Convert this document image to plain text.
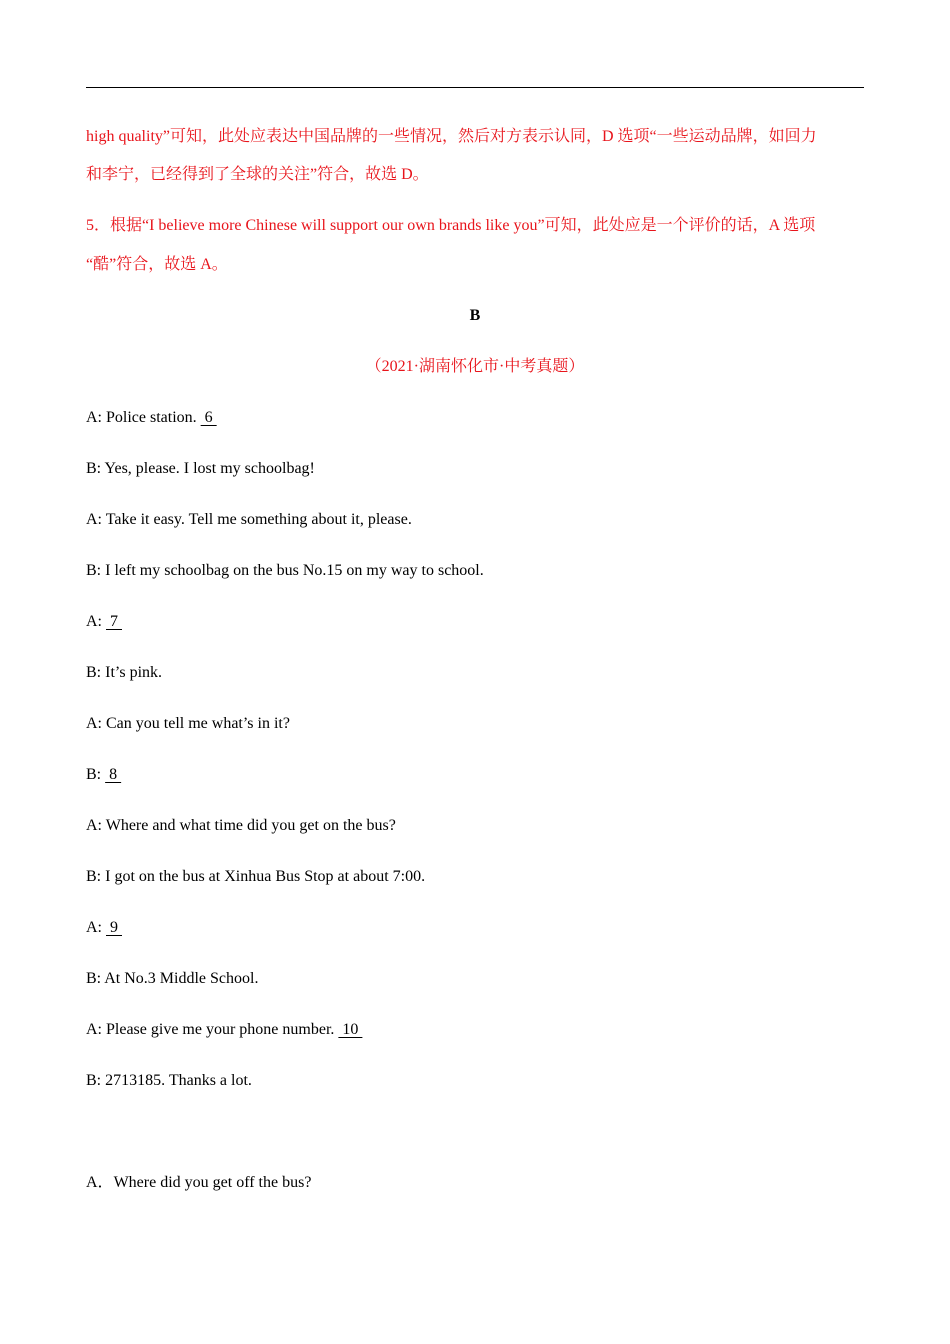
high quality”可知，此处应表达中国品牌的一些情况，然后对方表示认同，D 选项“一些运动品牌，如回力
和李宁，已经得到了全球的关注”符合，故选 D。
5．根据“I believe more Chinese will support our own brands like you”可知，此处应是一个评价的话，A 选项
“酷”符合，故选 A。
B
（2021·湖南怀化市·中考真题）
A: Police station.  6
B: Yes, please. I lost my schoolbag!
A: Take it easy. Tell me something about it, please.
B: I left my schoolbag on the bus No.15 on my way to school.
A:  7
B: It’s pink.
A: Can you tell me what’s in it?
B:  8
A: Where and what time did you get on the bus?
B: I got on the bus at Xinhua Bus Stop at about 7:00.
A:  9
B: At No.3 Middle School.
A: Please give me your phone number.  10
B: 2713185. Thanks a lot.
A．Where did you get off the bus?
